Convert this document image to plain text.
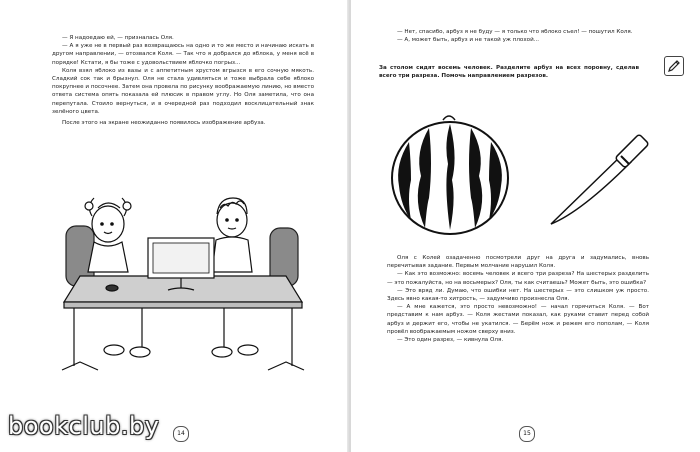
— Я надоедаю ей, — призналась Оля.

— А я уже не в первый раз возвращаюсь на одно и то же место и начинаю искать в другом направлении, — отозвался Коля. — Так что я добрался до яблока, у меня всё в порядке! Кстати, я бы тоже с удовольствием яблочко погрыз...

Коля взял яблоко из вазы и с аппетитным хрустом вгрызся в его сочную мякоть. Сладкий сок так и брызнул. Оля не стала удивляться и тоже выбрала себе яблоко покрупнее и посочнее. Затем она провела по рисунку воображаемую линию, но вместо ответа система опять показала ей плюсик в правом углу. Но Оля заметила, что она перепутала. Стоило вернуться, и в очередной раз подходил восклицательный знак зелёного цвета.

После этого на экране неожиданно появилось изображение арбуза.

14

— Нет, спасибо, арбуз я не буду — я только что яблоко съел! — пошутил Коля.

— А, может быть, арбуз и не такой уж плохой...

За столом сидят восемь человек. Разделите арбуз на всех поровну, сделав всего три разреза. Помочь направлением разрезов.

Оля с Колей озадаченно посмотрели друг на друга и задумались, вновь перечитывая задание. Первым молчание нарушил Коля.

— Как это возможно: восемь человек и всего три разреза? На шестерых разделить — это пожалуйста, но на восьмерых? Оля, ты как считаешь? Может быть, это ошибка?

— Это вряд ли. Думаю, что ошибки нет. На шестерых — это слишком уж просто. Здесь явно какая-то хитрость, — задумчиво произнесла Оля.

— А мне кажется, это просто невозможно! — начал горячиться Коля. — Вот представим к нам арбуз. — Коля жестами показал, как руками ставит перед собой арбуз и держит его, чтобы не укатился. — Берём нож и режем его пополам, — Коля провёл воображаемым ножом сверху вниз.

— Это один разрез, — кивнула Оля.

15
bookclub.by
